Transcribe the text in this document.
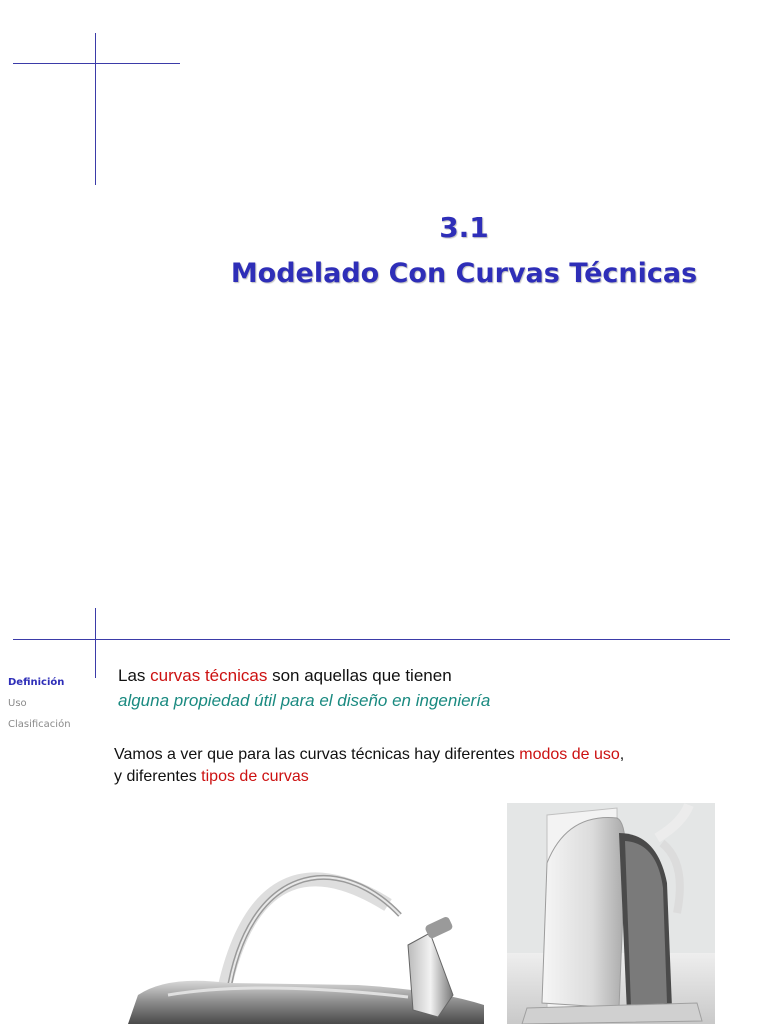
3.1
Modelado Con Curvas Técnicas
Definición
Uso
Clasificación
Las curvas técnicas son aquellas que tienen
alguna propiedad útil para el diseño en ingeniería
Vamos a ver que para las curvas técnicas hay diferentes modos de uso,
y diferentes tipos de curvas
